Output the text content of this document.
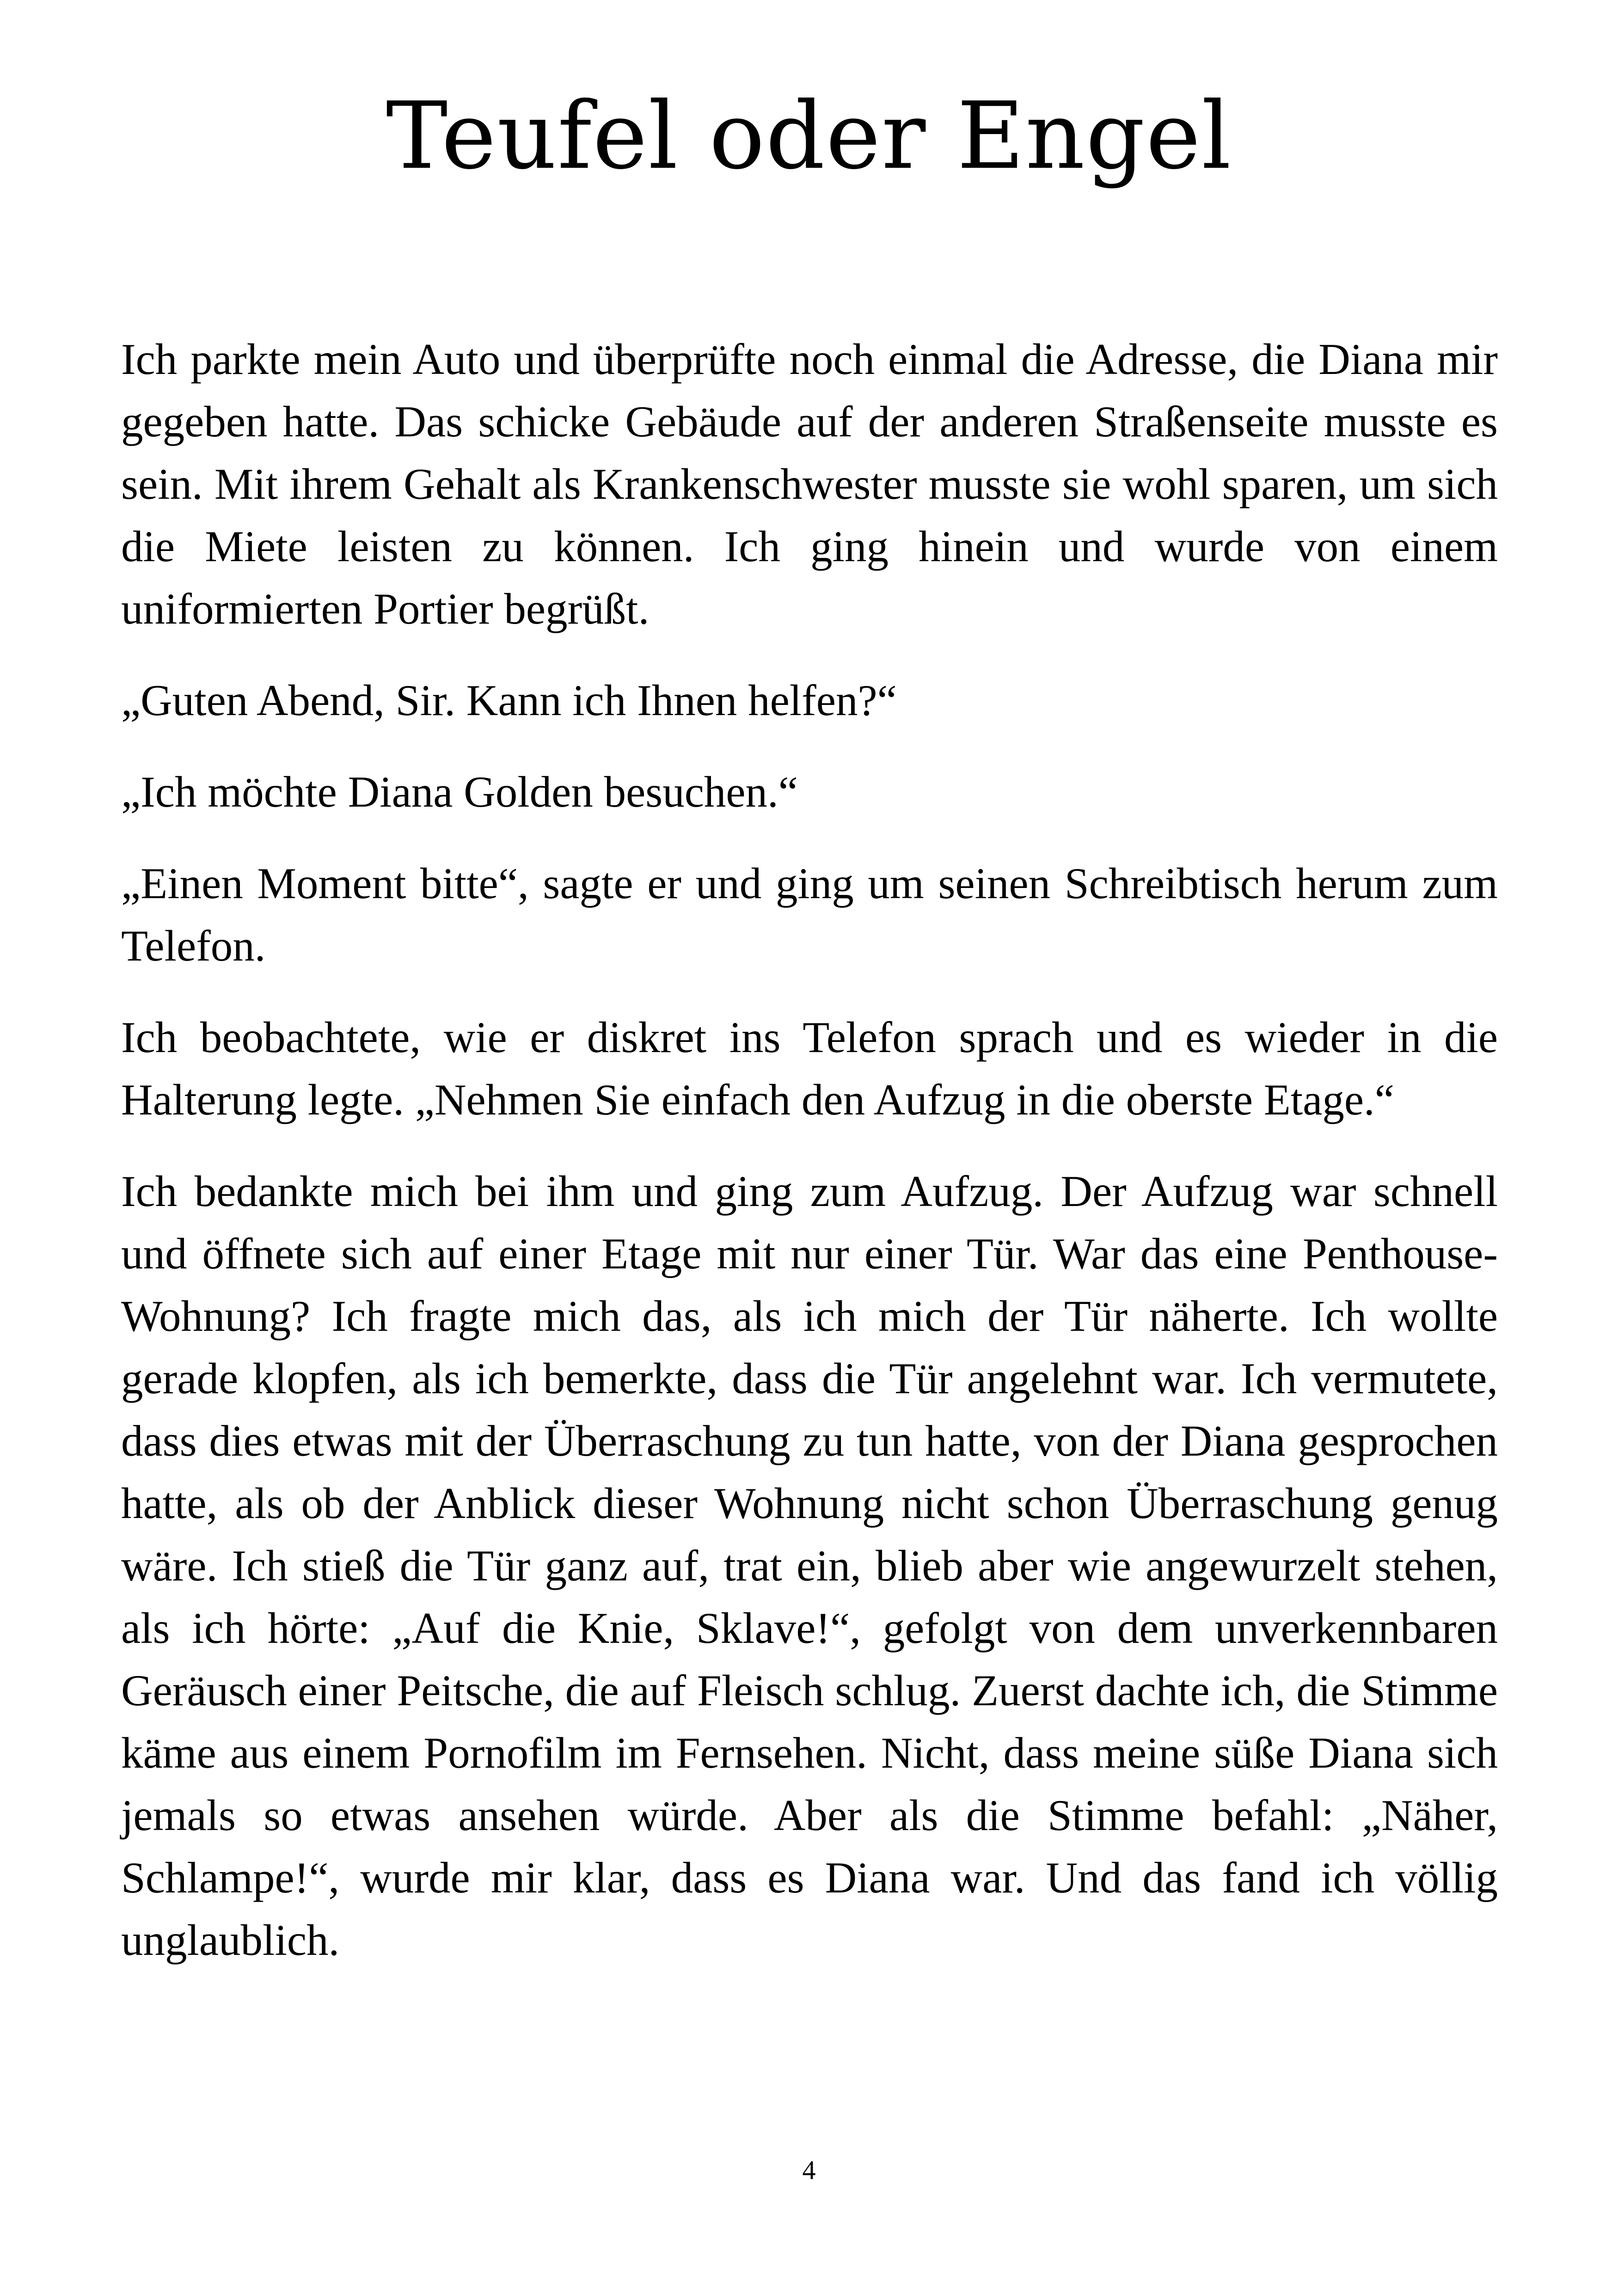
Teufel oder Engel

Ich parkte mein Auto und überprüfte noch einmal die Adresse, die Diana mir gegeben hatte. Das schicke Gebäude auf der anderen Straßenseite musste es sein. Mit ihrem Gehalt als Krankenschwester musste sie wohl sparen, um sich die Miete leisten zu können. Ich ging hinein und wurde von einem uniformierten Portier begrüßt.

„Guten Abend, Sir. Kann ich Ihnen helfen?“

„Ich möchte Diana Golden besuchen.“

„Einen Moment bitte“, sagte er und ging um seinen Schreibtisch herum zum Telefon.

Ich beobachtete, wie er diskret ins Telefon sprach und es wieder in die Halterung legte. „Nehmen Sie einfach den Aufzug in die oberste Etage.“

Ich bedankte mich bei ihm und ging zum Aufzug. Der Aufzug war schnell und öffnete sich auf einer Etage mit nur einer Tür. War das eine Penthouse-Wohnung? Ich fragte mich das, als ich mich der Tür näherte. Ich wollte gerade klopfen, als ich bemerkte, dass die Tür angelehnt war. Ich vermutete, dass dies etwas mit der Überraschung zu tun hatte, von der Diana gesprochen hatte, als ob der Anblick dieser Wohnung nicht schon Überraschung genug wäre. Ich stieß die Tür ganz auf, trat ein, blieb aber wie angewurzelt stehen, als ich hörte: „Auf die Knie, Sklave!“, gefolgt von dem unverkennbaren Geräusch einer Peitsche, die auf Fleisch schlug. Zuerst dachte ich, die Stimme käme aus einem Pornofilm im Fernsehen. Nicht, dass meine süße Diana sich jemals so etwas ansehen würde. Aber als die Stimme befahl: „Näher, Schlampe!“, wurde mir klar, dass es Diana war. Und das fand ich völlig unglaublich.

4
